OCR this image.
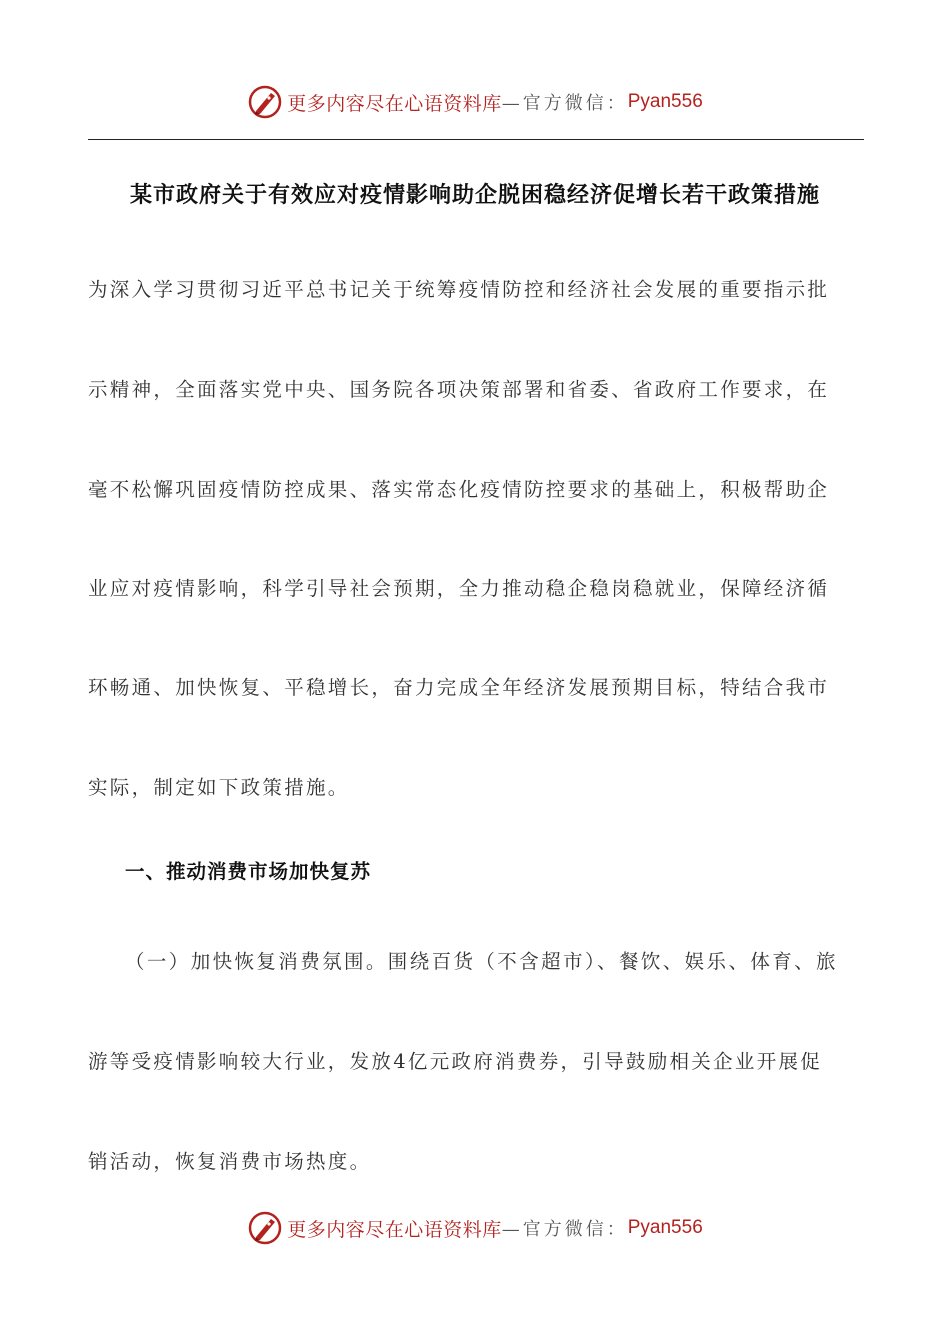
更多内容尽在心语资料库 —官方微信： Pyan556
某市政府关于有效应对疫情影响助企脱困稳经济促增长若干政策措施
为深入学习贯彻习近平总书记关于统筹疫情防控和经济社会发展的重要指示批
示精神，全面落实党中央、国务院各项决策部署和省委、省政府工作要求，在
毫不松懈巩固疫情防控成果、落实常态化疫情防控要求的基础上，积极帮助企
业应对疫情影响，科学引导社会预期，全力推动稳企稳岗稳就业，保障经济循
环畅通、加快恢复、平稳增长，奋力完成全年经济发展预期目标，特结合我市
实际，制定如下政策措施。
一、推动消费市场加快复苏
（一）加快恢复消费氛围。围绕百货（不含超市）、餐饮、娱乐、体育、旅
游等受疫情影响较大行业，发放4亿元政府消费券，引导鼓励相关企业开展促
销活动，恢复消费市场热度。
更多内容尽在心语资料库 —官方微信： Pyan556
